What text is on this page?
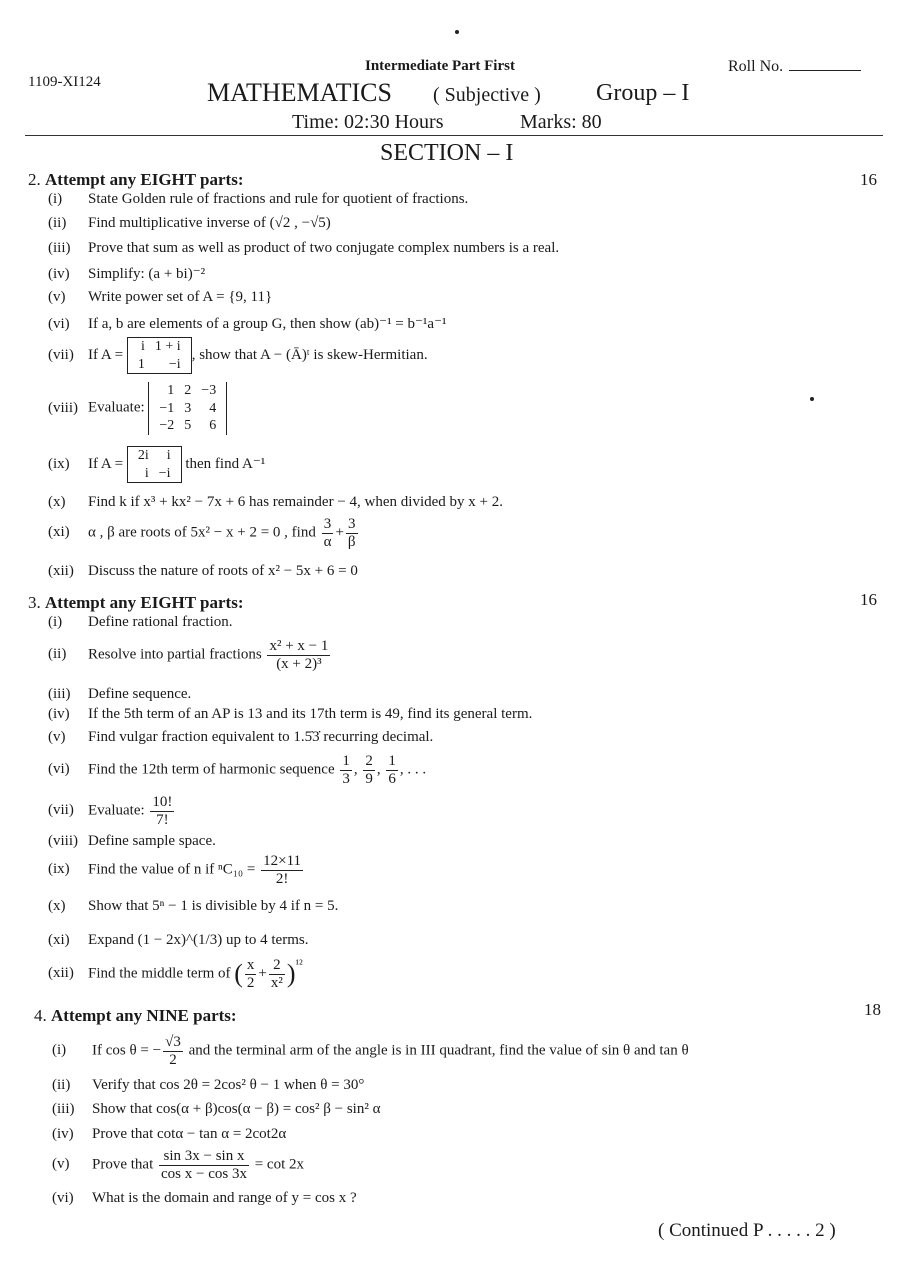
1109-XI124
Intermediate Part First	Roll No.
MATHEMATICS ( Subjective ) Group – I
Time: 02:30 Hours	Marks: 80
SECTION – I
2. Attempt any EIGHT parts:	16
(i) State Golden rule of fractions and rule for quotient of fractions.
(ii) Find multiplicative inverse of (√2 , −√5)
(iii) Prove that sum as well as product of two conjugate complex numbers is a real.
(iv) Simplify: (a + bi)⁻²
(v) Write power set of A = {9, 11}
(vi) If a, b are elements of a group G, then show (ab)⁻¹ = b⁻¹a⁻¹
(vii) If A =
i	1 + i
1	−i
, show that A − (Ā)ᵗ is skew-Hermitian.
(viii) Evaluate:
1	2	−3
−1	3	4
−2	5	6
(ix) If A =
2i	i
i	−i
then find A⁻¹
(x) Find k if x³ + kx² − 7x + 6 has remainder − 4, when divided by x + 2.
(xi) α , β are roots of 5x² − x + 2 = 0 , find $\frac{3}{\alpha} + \frac{3}{\beta}$
(xii) Discuss the nature of roots of x² − 5x + 6 = 0
3. Attempt any EIGHT parts:	16
(i) Define rational fraction.
(ii) Resolve into partial fractions $\frac{\text{x² + x − 1}}{\text{(x + 2)³}}$
(iii) Define sequence.
(iv) If the 5th term of an AP is 13 and its 17th term is 49, find its general term.
(v) Find vulgar fraction equivalent to 1.5̇3̇ recurring decimal.
(vi) Find the 12th term of harmonic sequence $\frac{1}{3}$ , $\frac{2}{9}$ , $\frac{1}{6}$ , . . .
(vii) Evaluate: $\frac{10!}{7!}$
(viii) Define sample space.
(ix) Find the value of n if $^nC_{10} = \frac{12\times 11}{2!}$
(x) Show that 5ⁿ − 1 is divisible by 4 if n = 5.
(xi) Expand (1 − 2x)^(1/3) up to 4 terms.
(xii) Find the middle term of ( $\frac{x}{2} + \frac{2}{\text{x²}} )^{^{12}}$
4. Attempt any NINE parts:	18
(i) If cos θ = − $\frac{√3}{2}$ and the terminal arm of the angle is in III quadrant, find the value of sin θ and tan θ
(ii) Verify that cos 2θ = 2cos² θ − 1 when θ = 30°
(iii) Show that cos(α + β)cos(α − β) = cos² β − sin² α
(iv) Prove that cotα − tan α = 2cot2α
(v) Prove that $\frac{\text{sin 3x − sin x}}{\text{cos x − cos 3x}} = \cot 2x$
(vi) What is the domain and range of y = cos x ?
( Continued P . . . . . 2 )
